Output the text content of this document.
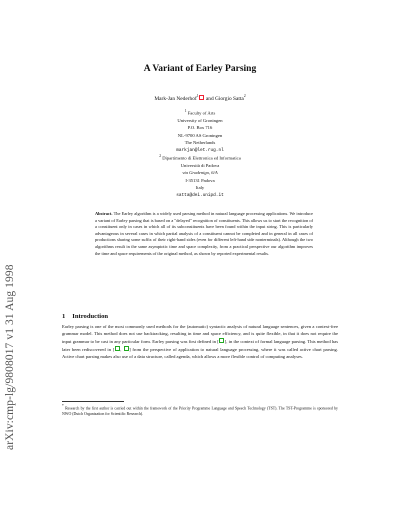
arXiv:cmp-lg/9808017 v1 31 Aug 1998
A Variant of Earley Parsing
Mark-Jan Nederhof$^1$ and Giorgio Satta$^2$
$^1$ Faculty of Arts
University of Groningen
P.O. Box 716
NL-9700 AS Groningen
The Netherlands
markjan@let.rug.nl
$^2$ Dipartimento di Elettronica ed Informatica
Università di Padova
via Gradenigo, 6/A
I-35131 Padova
Italy
satta@dei.unipd.it
Abstract. The Earley algorithm is a widely used parsing method in natural language processing applications. We introduce a variant of Earley parsing that is based on a "delayed" recognition of constituents. This allows us to start the recognition of a constituent only in cases in which all of its subconstituents have been found within the input string. This is particularly advantageous in several cases in which partial analysis of a constituent cannot be completed and in general in all cases of productions sharing some suffix of their right-hand sides (even for different left-hand side nonterminals). Although the two algorithms result in the same asymptotic time and space complexity, from a practical perspective our algorithm improves the time and space requirements of the original method, as shown by reported experimental results.
1 Introduction
Earley parsing is one of the most commonly used methods for the (automatic) syntactic analysis of natural language sentences, given a context-free grammar model. This method does not use backtracking, resulting in time and space efficiency, and is quite flexible, in that it does not require the input grammar to be cast in any particular form. Earley parsing was first defined in [ ], in the context of formal language parsing. This method has later been rediscovered in [ , ] from the perspective of application to natural language processing, where it was called active chart parsing. Active chart parsing makes also use of a data structure, called agenda, which allows a more flexible control of computing analyses.
* Research by the first author is carried out within the framework of the Priority Programme Language and Speech Technology (TST). The TST-Programme is sponsored by NWO (Dutch Organization for Scientific Research).
